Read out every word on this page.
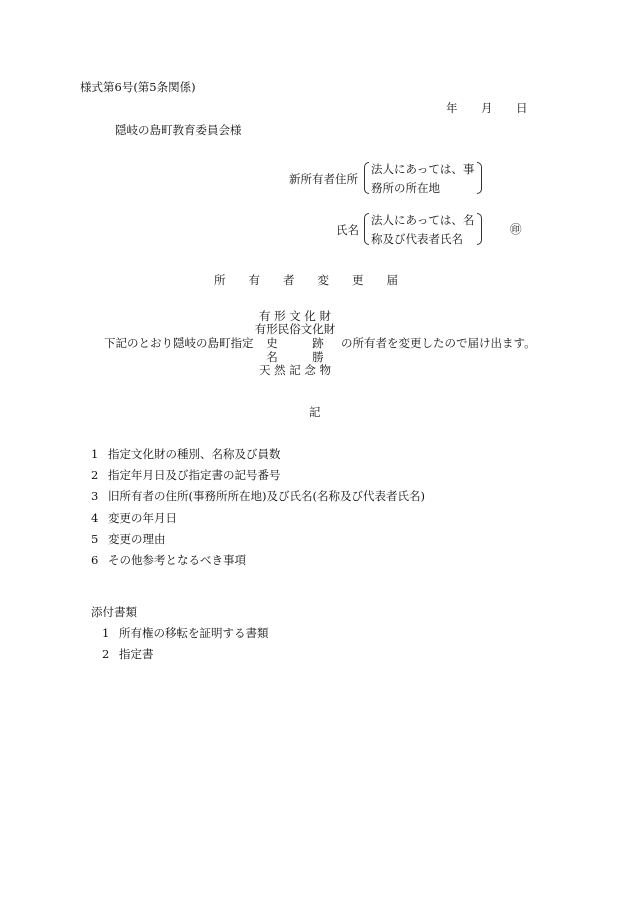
様式第6号(第5条関係)
年 月 日
隠岐の島町教育委員会様
新所有者住所
法人にあっては、事
務所の所在地
氏名
法人にあっては、名
称及び代表者氏名
㊞
所　　有　　者　　変　　更　　届
有 形 文 化 財
有形民俗文化財
下記のとおり隠岐の島町指定	史　　　跡	の所有者を変更したので届け出ます。
名　　　勝
天 然 記 念 物
記
1 指定文化財の種別、名称及び員数
2 指定年月日及び指定書の記号番号
3 旧所有者の住所(事務所所在地)及び氏名(名称及び代表者氏名)
4 変更の年月日
5 変更の理由
6 その他参考となるべき事項
添付書類
1 所有権の移転を証明する書類
2 指定書
